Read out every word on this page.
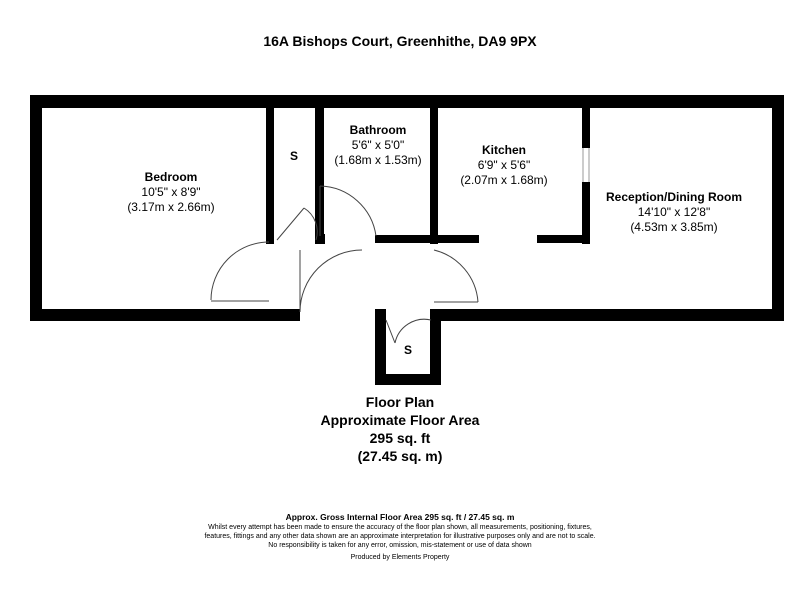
16A Bishops Court, Greenhithe, DA9 9PX
Bedroom
10'5" x 8'9"
(3.17m x 2.66m)
Bathroom
5'6" x 5'0"
(1.68m x 1.53m)
Kitchen
6'9" x 5'6"
(2.07m x 1.68m)
Reception/Dining Room
14'10" x 12'8"
(4.53m x 3.85m)
S
S
Floor Plan
Approximate Floor Area
295 sq. ft
(27.45 sq. m)
Approx. Gross Internal Floor Area 295 sq. ft / 27.45 sq. m
Whilst every attempt has been made to ensure the accuracy of the floor plan shown, all measurements, positioning, fixtures,
features, fittings and any other data shown are an approximate interpretation for illustrative purposes only and are not to scale.
No responsibility is taken for any error, omission, mis-statement or use of data shown
Produced by Elements Property
